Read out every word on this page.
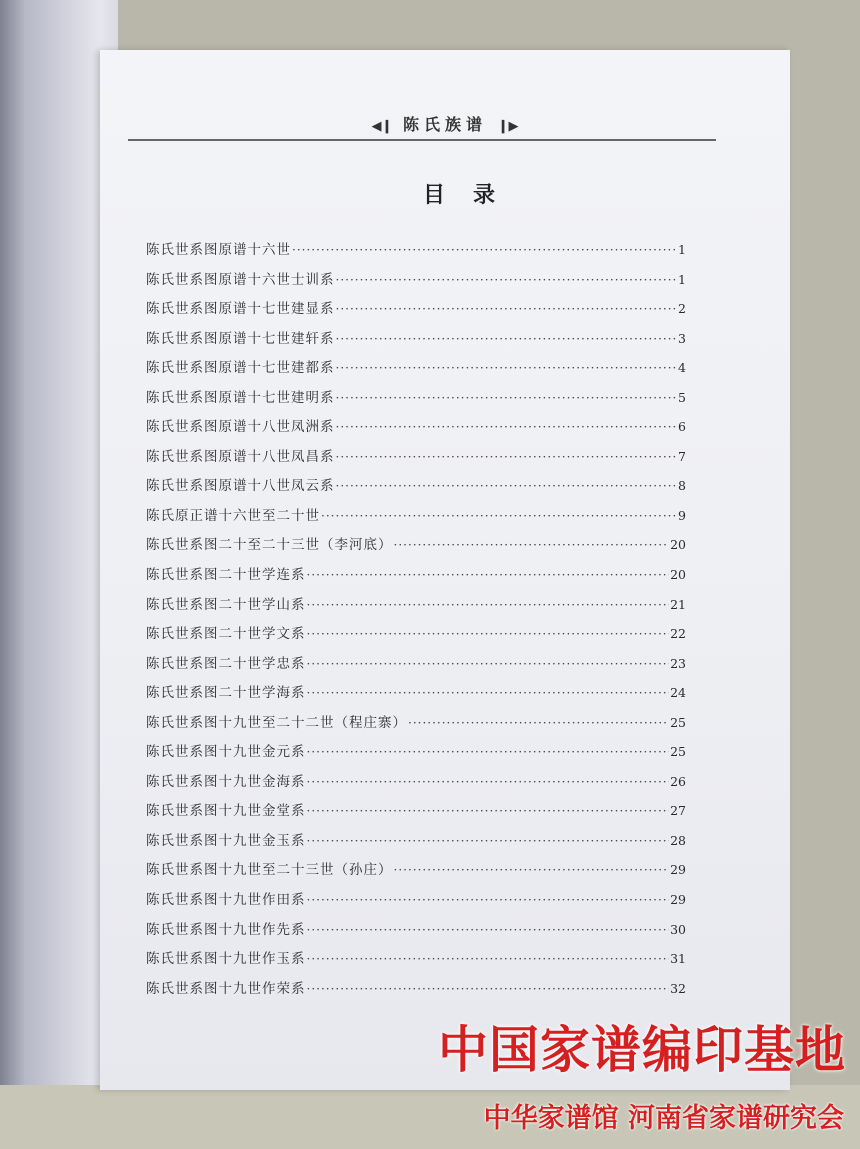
◀❙ 陈氏族谱 ❙▶
目录
陈氏世系图原谱十六世 ·····	1
陈氏世系图原谱十六世士训系 ·····	1
陈氏世系图原谱十七世建显系 ·····	2
陈氏世系图原谱十七世建轩系 ·····	3
陈氏世系图原谱十七世建都系 ·····	4
陈氏世系图原谱十七世建明系 ·····	5
陈氏世系图原谱十八世凤洲系 ·····	6
陈氏世系图原谱十八世凤昌系 ·····	7
陈氏世系图原谱十八世凤云系 ·····	8
陈氏原正谱十六世至二十世 ·····	9
陈氏世系图二十至二十三世（李河底） ·····	20
陈氏世系图二十世学连系 ·····	20
陈氏世系图二十世学山系 ·····	21
陈氏世系图二十世学文系 ·····	22
陈氏世系图二十世学忠系 ·····	23
陈氏世系图二十世学海系 ·····	24
陈氏世系图十九世至二十二世（程庄寨） ·····	25
陈氏世系图十九世金元系 ·····	25
陈氏世系图十九世金海系 ·····	26
陈氏世系图十九世金堂系 ·····	27
陈氏世系图十九世金玉系 ·····	28
陈氏世系图十九世至二十三世（孙庄） ·····	29
陈氏世系图十九世作田系 ·····	29
陈氏世系图十九世作先系 ·····	30
陈氏世系图十九世作玉系 ·····	31
陈氏世系图十九世作荣系 ·····	32
中国家谱编印基地
中华家谱馆 河南省家谱研究会
